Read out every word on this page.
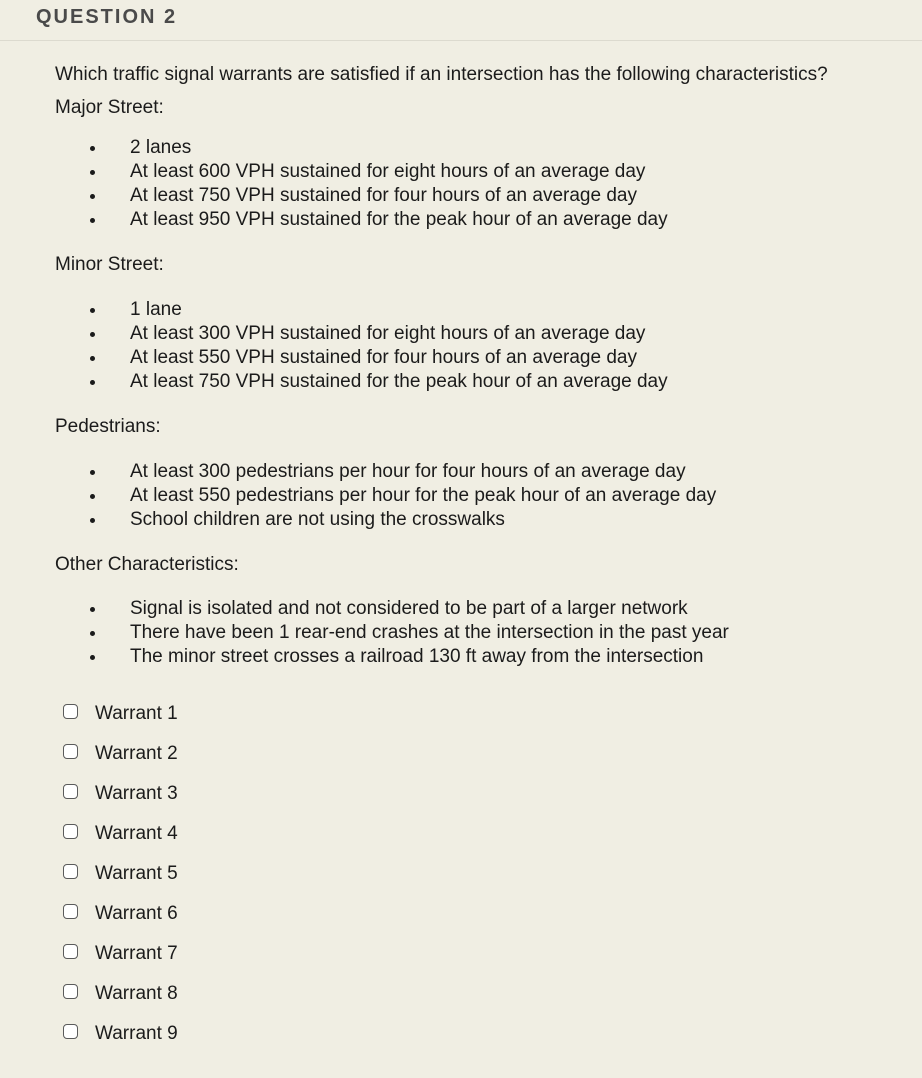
QUESTION 2

Which traffic signal warrants are satisfied if an intersection has the following characteristics?

Major Street:

2 lanes
At least 600 VPH sustained for eight hours of an average day
At least 750 VPH sustained for four hours of an average day
At least 950 VPH sustained for the peak hour of an average day

Minor Street:

1 lane
At least 300 VPH sustained for eight hours of an average day
At least 550 VPH sustained for four hours of an average day
At least 750 VPH sustained for the peak hour of an average day

Pedestrians:

At least 300 pedestrians per hour for four hours of an average day
At least 550 pedestrians per hour for the peak hour of an average day
School children are not using the crosswalks

Other Characteristics:

Signal is isolated and not considered to be part of a larger network
There have been 1 rear-end crashes at the intersection in the past year
The minor street crosses a railroad 130 ft away from the intersection
Warrant 1
Warrant 2
Warrant 3
Warrant 4
Warrant 5
Warrant 6
Warrant 7
Warrant 8
Warrant 9
